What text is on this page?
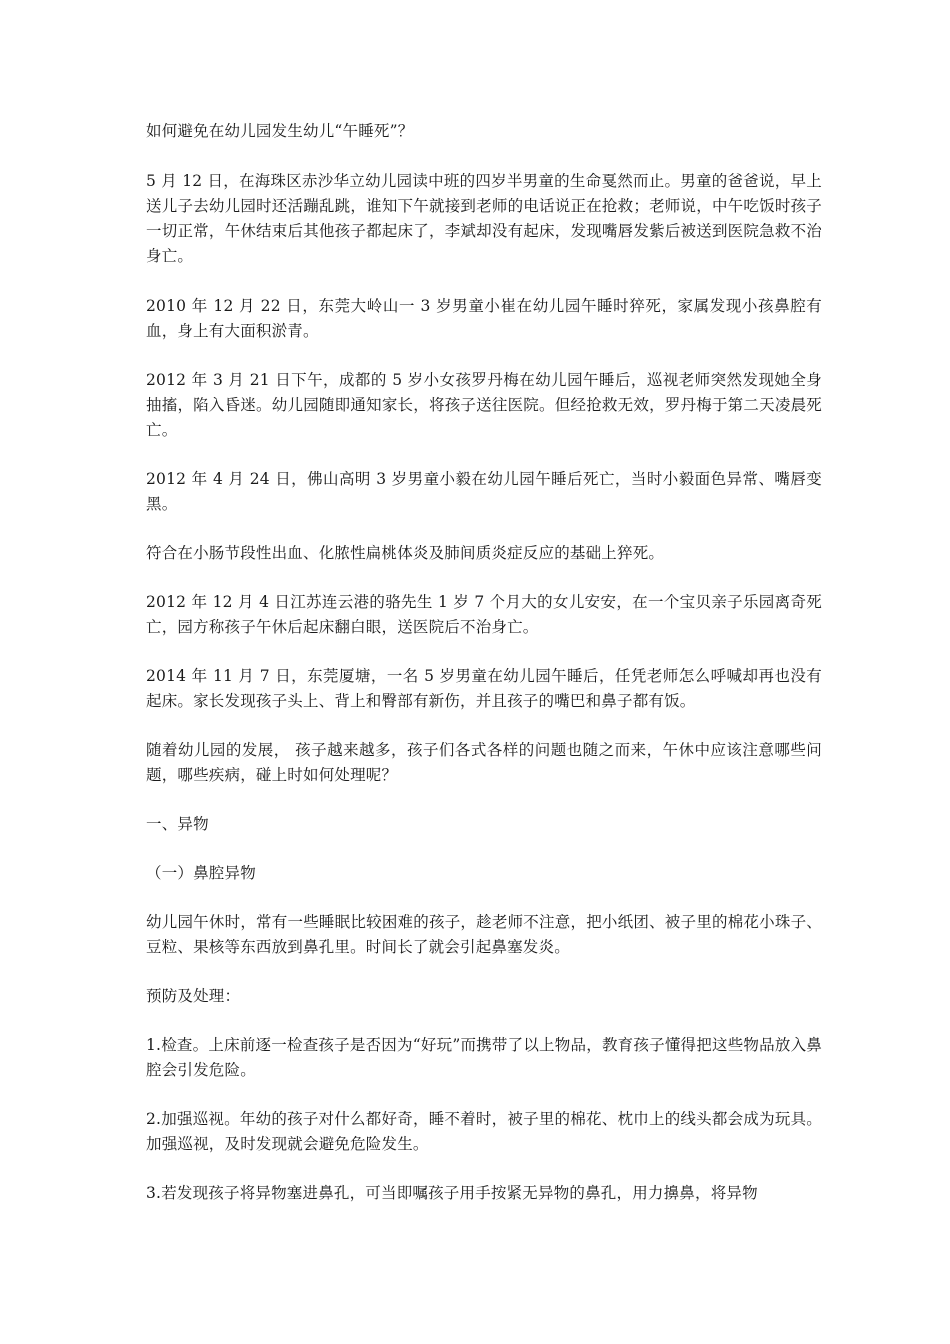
如何避免在幼儿园发生幼儿“午睡死”？

5 月 12 日，在海珠区赤沙华立幼儿园读中班的四岁半男童的生命戛然而止。男童的爸爸说，早上送儿子去幼儿园时还活蹦乱跳，谁知下午就接到老师的电话说正在抢救；老师说，中午吃饭时孩子一切正常，午休结束后其他孩子都起床了，李斌却没有起床，发现嘴唇发紫后被送到医院急救不治身亡。

2010 年 12 月 22 日，东莞大岭山一 3 岁男童小崔在幼儿园午睡时猝死，家属发现小孩鼻腔有血，身上有大面积淤青。

2012 年 3 月 21 日下午，成都的 5 岁小女孩罗丹梅在幼儿园午睡后，巡视老师突然发现她全身抽搐，陷入昏迷。幼儿园随即通知家长，将孩子送往医院。但经抢救无效，罗丹梅于第二天凌晨死亡。

2012 年 4 月 24 日，佛山高明 3 岁男童小毅在幼儿园午睡后死亡，当时小毅面色异常、嘴唇变黑。

符合在小肠节段性出血、化脓性扁桃体炎及肺间质炎症反应的基础上猝死。

2012 年 12 月 4 日江苏连云港的骆先生 1 岁 7 个月大的女儿安安，在一个宝贝亲子乐园离奇死亡，园方称孩子午休后起床翻白眼，送医院后不治身亡。

2014 年 11 月 7 日，东莞厦塘，一名 5 岁男童在幼儿园午睡后，任凭老师怎么呼喊却再也没有起床。家长发现孩子头上、背上和臀部有新伤，并且孩子的嘴巴和鼻子都有饭。

随着幼儿园的发展， 孩子越来越多，孩子们各式各样的问题也随之而来，午休中应该注意哪些问题，哪些疾病，碰上时如何处理呢？

一、异物

（一）鼻腔异物

幼儿园午休时，常有一些睡眠比较困难的孩子，趁老师不注意，把小纸团、被子里的棉花小珠子、豆粒、果核等东西放到鼻孔里。时间长了就会引起鼻塞发炎。

预防及处理：

1.检查。上床前逐一检查孩子是否因为“好玩”而携带了以上物品，教育孩子懂得把这些物品放入鼻腔会引发危险。

2.加强巡视。年幼的孩子对什么都好奇，睡不着时，被子里的棉花、枕巾上的线头都会成为玩具。加强巡视，及时发现就会避免危险发生。

3.若发现孩子将异物塞进鼻孔，可当即嘱孩子用手按紧无异物的鼻孔，用力擤鼻，将异物
